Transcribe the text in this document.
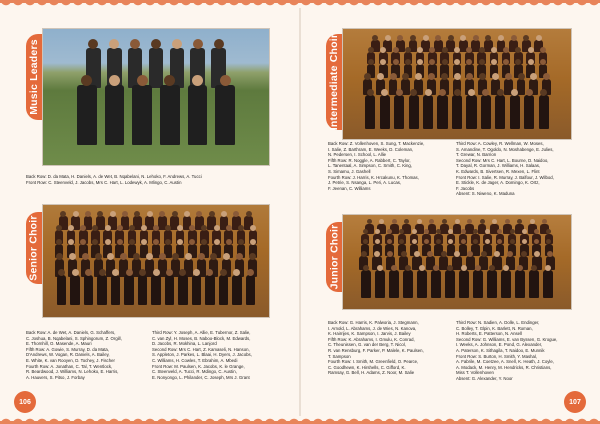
Music Leaders
Back Row: D. da Mata, H. Daniels, A. de Wet, B. Nqabelani, N. Lehoko, F. Andrews, A. Tucci
Front Row: C. Steenveld, J. Jacobs, Mrs C. Hart, L. Lodewyk, A. Mlingo, C. Austin
Senior Choir
Back Row: A. de Wet, A. Daniels, G. Schaffers,
C. Joshua, B. Nqabelani, S. Sphingorum, Z. Orgill,
E. Thornhill, O. Masende, A. Mauri
Fifth Row: A. Gowie, S. Murray, D. da Mata,
D'Andrews, W. Vogan, R. Daniels, A. Bailey,
E. White, K. van Rooyen, D. Tochey, J. Fischer
Fourth Row: A. Jonathan, C. Tal, T. Wentlock,
R. Beardwood, J. Williams, N. Lehoko, E. Harris,
A. Hauvers, S. Pitso, J. Forbay
Third Row: Y. Joseph, A. Allie, E. Tubernor, Z. Salie,
C. van Zyl, H. Moses, B. Naboo-Block, M. Edwards,
D. Jacobs, R. Mokhina, L. Lanjord
Second Row: Mrs C. Hart, Z. Kamaseli, N. Hanson,
S. Appleton, J. Parkes, L. Blaai, H. Dyers, J. Jacobs,
C. Williams, H. Cowles, T. Ebrahim, A. Mbedi
Front Row: M. Paulsen, K. Jacobs, K. le Grange,
C. Steenveld, A. Tucci, R. Mdingo, C. Austin,
E. Nonyongo, L. Philander, C. Joseph, Mrs J. Grant
106
Intermediate Choir
Back Row: Z. Vollenhoven, S. Sung, T. Mackenzie,
I. Salie, Z. Barthram, E. Weeks, D. Coleman,
N. Pedersen, I. School, L. Allie
Fifth Row: R. Noggle, A. Rabbert, C. Taylor,
L. Tanentaal, A. Simpson, C. Smith, C. King,
S. Simamu, J. Gashell
Fourth Row: J. Harris, K. Hrcakunu, K. Thomas,
J. Petrie, S. Nsanga, L. Peri, A. Lucas,
F. Jeenan, C. Williams
Third Row: A. Cowley, R. Wellman, W. Moses,
S. Amandine, T. Ogoldo, N. Moshabenge, E. Julies,
T. Grewar, N. Barrion
Second Row: Mrs C. Hart, L. Bourne, D. Naidoo,
T. Dayal, R. Gorman, J. Williams, H. Salaas,
K. Edwards, B. Sivertsen, R. Mexen, L. Flint
Front Row: I. Salie, R. Murray, J. Balfour, J. Wilbod,
E. Stickle, K. de Jager, A. Domingo, K. Ortz,
F. Jacobs
Absent: S. Niweno, K. Maduna
Junior Choir
Back Row: G. Harris, K. Palworia, J. Stegmann,
I. Arnold, L. Abrahams, J. de Wies, N. Kanova,
K. Hairrijes, K. Sampson, I. Jarvis, J. Bailey
Fifth Row: K. Abrahams, I. Gmulu, K. Conrad,
C. Theunissen, G. van der Berg, T. Nicol,
R. van Rensburg, F. Parker, P. Malele, K. Paulsen,
T. Sampson
Fourth Row: I. Smith, M. Greenfield, O. Pearce,
C. Goodhewn, K. Hirshells, C. Gifford, K.
Ramsay, G. Bell, H. Adams, Z. Noor, M. Salie
Third Row: N. Sadien, A. Dolle, L. Endinger,
C. Bolley, T. Glpin, K. Barlett, N. Roman,
H. Roberts, E. Patterson, N. Ansell
Second Row: G. Williams, E. van Byssen, G. Krogue,
I. Weeks, A. Johnson, E. Pond, G. Alexander,
A. Paterson, K. Sithagila, T. Naidoo, E. Munnik
Front Row: S. Burton, H. Smith, Y. Mashal,
A. Fabrile, M. Coetzee, A. Snell, K. Heath, J. Coyle,
A. Modack, M. Henry, M. Hendricks, R. Christians,
Miss T. Vollenhoven
Absent: G. Alexander, Y. Noor
107
